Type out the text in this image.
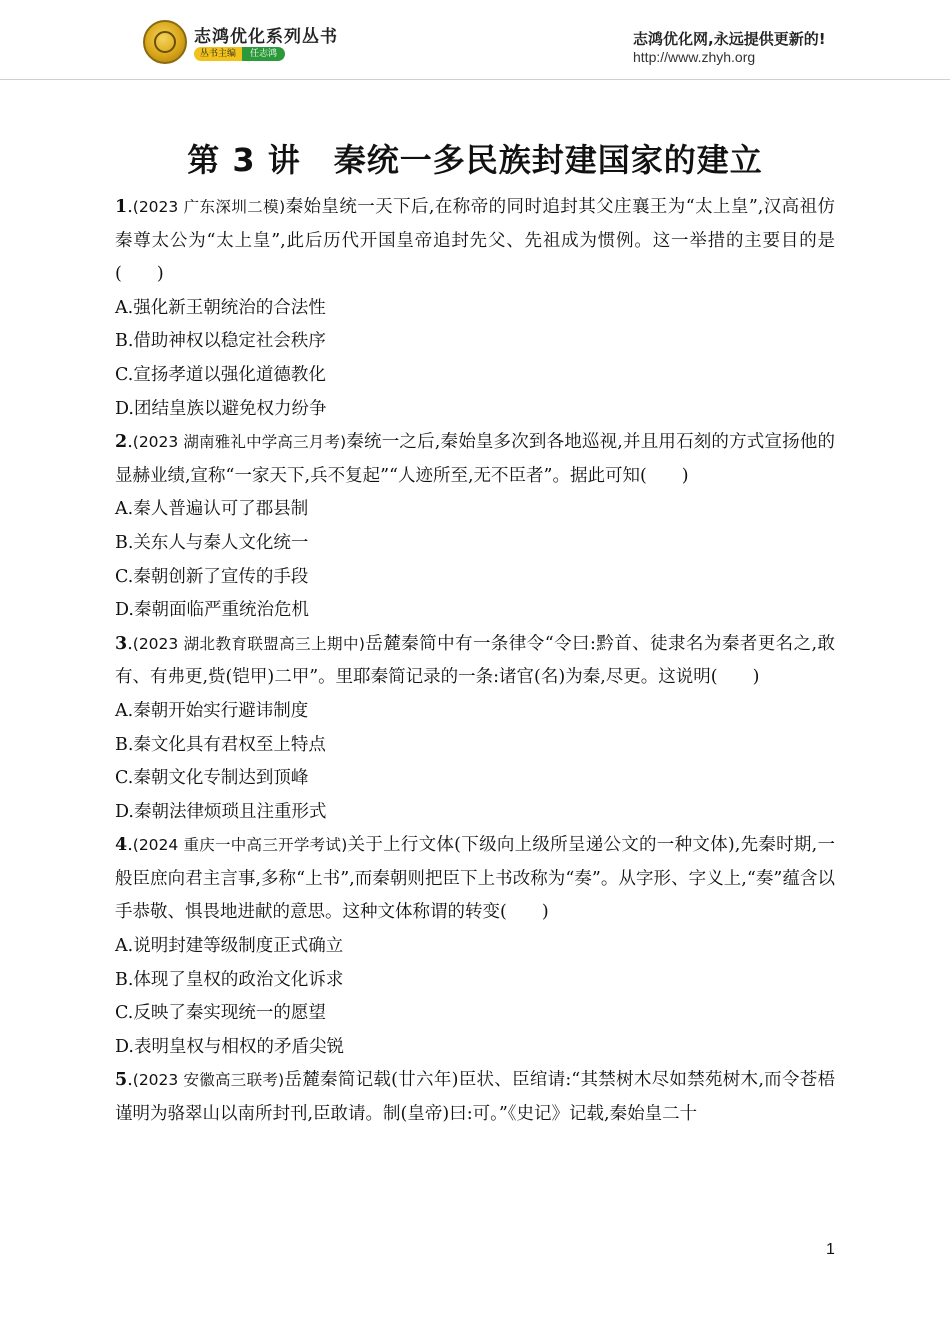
志鸿优化系列丛书
丛书主编	任志鸿
志鸿优化网,永远提供更新的!
http://www.zhyh.org
第 3 讲　秦统一多民族封建国家的建立
1.(2023 广东深圳二模)秦始皇统一天下后,在称帝的同时追封其父庄襄王为“太上皇”,汉高祖仿秦尊太公为“太上皇”,此后历代开国皇帝追封先父、先祖成为惯例。这一举措的主要目的是(　　)
A.强化新王朝统治的合法性
B.借助神权以稳定社会秩序
C.宣扬孝道以强化道德教化
D.团结皇族以避免权力纷争
2.(2023 湖南雅礼中学高三月考)秦统一之后,秦始皇多次到各地巡视,并且用石刻的方式宣扬他的显赫业绩,宣称“一家天下,兵不复起”“人迹所至,无不臣者”。据此可知(　　)
A.秦人普遍认可了郡县制
B.关东人与秦人文化统一
C.秦朝创新了宣传的手段
D.秦朝面临严重统治危机
3.(2023 湖北教育联盟高三上期中)岳麓秦简中有一条律令“令曰:黔首、徒隶名为秦者更名之,敢有、有弗更,赀(铠甲)二甲”。里耶秦简记录的一条:诸官(名)为秦,尽更。这说明(　　)
A.秦朝开始实行避讳制度
B.秦文化具有君权至上特点
C.秦朝文化专制达到顶峰
D.秦朝法律烦琐且注重形式
4.(2024 重庆一中高三开学考试)关于上行文体(下级向上级所呈递公文的一种文体),先秦时期,一般臣庶向君主言事,多称“上书”,而秦朝则把臣下上书改称为“奏”。从字形、字义上,“奏”蕴含以手恭敬、惧畏地进献的意思。这种文体称谓的转变(　　)
A.说明封建等级制度正式确立
B.体现了皇权的政治文化诉求
C.反映了秦实现统一的愿望
D.表明皇权与相权的矛盾尖锐
5.(2023 安徽高三联考)岳麓秦简记载(廿六年)臣状、臣绾请:“其禁树木尽如禁苑树木,而令苍梧谨明为骆翠山以南所封刊,臣敢请。制(皇帝)曰:可。”《史记》记载,秦始皇二十
1
